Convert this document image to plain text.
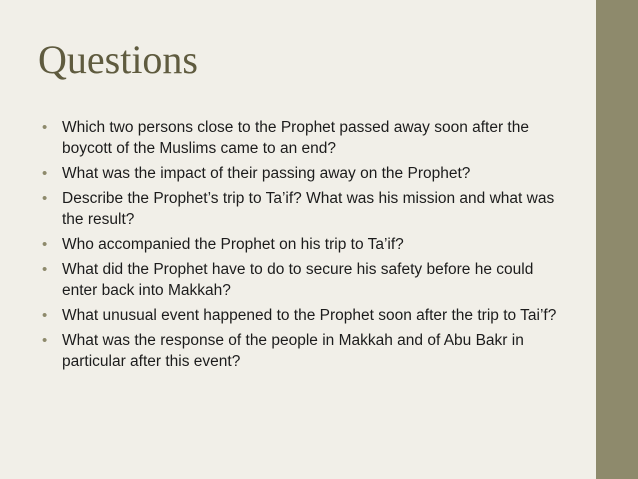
Questions
• Which two persons close to the Prophet passed away soon after the boycott of the Muslims came to an end?
• What was the impact of their passing away on the Prophet?
• Describe the Prophet’s trip to Ta’if? What was his mission and what was the result?
• Who accompanied the Prophet on his trip to Ta’if?
• What did the Prophet have to do to secure his safety before he could enter back into Makkah?
• What unusual event happened to the Prophet soon after the trip to Tai’f?
• What was the response of the people in Makkah and of Abu Bakr in particular after this event?
